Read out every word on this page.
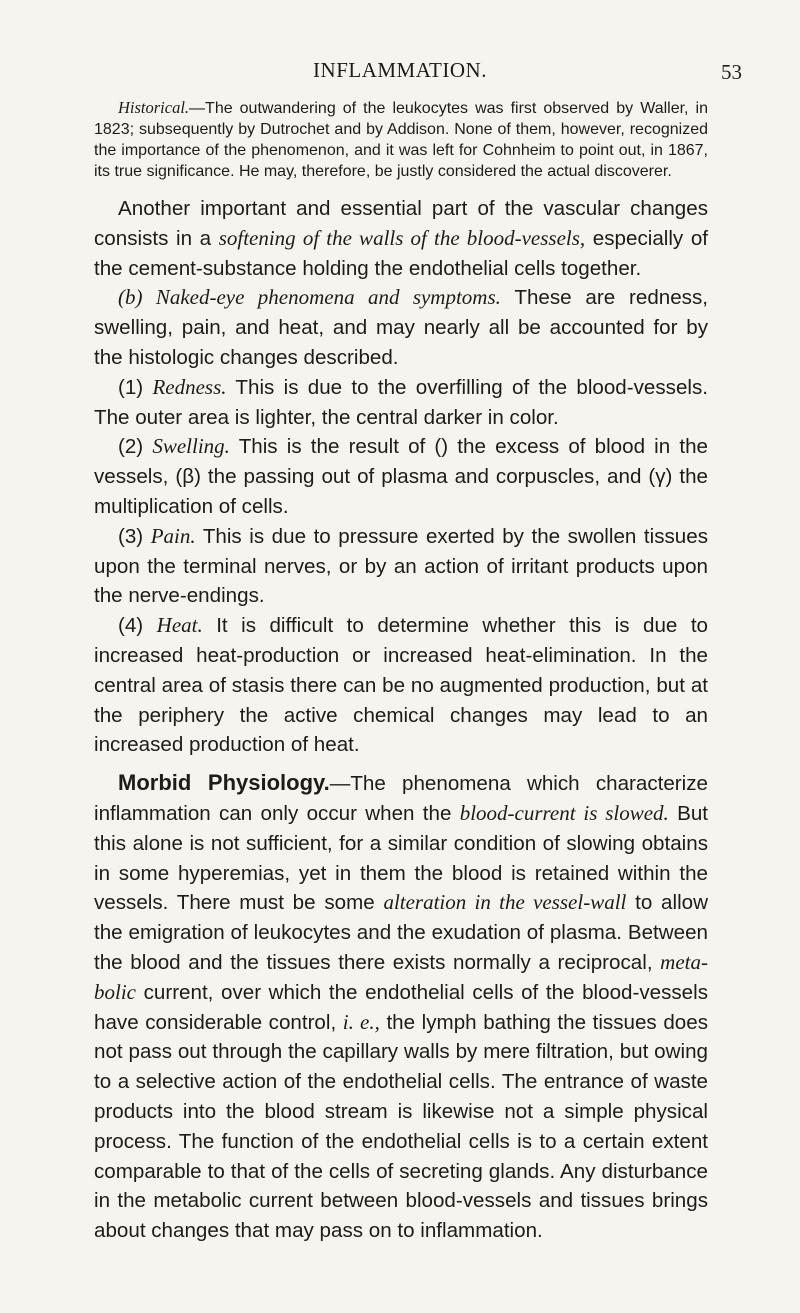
INFLAMMATION.	53

Historical.—The outwandering of the leukocytes was first observed by Waller, in 1823; subsequently by Dutrochet and by Addison. None of them, however, recognized the importance of the phenomenon, and it was left for Cohnheim to point out, in 1867, its true significance. He may, therefore, be justly considered the actual discoverer.

Another important and essential part of the vascular changes consists in a softening of the walls of the blood-vessels, especially of the cement-substance holding the endothelial cells together.

(b) Naked-eye phenomena and symptoms. These are redness, swelling, pain, and heat, and may nearly all be accounted for by the histologic changes described.

(1) Redness. This is due to the overfilling of the blood-vessels. The outer area is lighter, the central darker in color.

(2) Swelling. This is the result of () the excess of blood in the vessels, (β) the passing out of plasma and corpuscles, and (γ) the multiplication of cells.

(3) Pain. This is due to pressure exerted by the swollen tissues upon the terminal nerves, or by an action of irritant products upon the nerve-endings.

(4) Heat. It is difficult to determine whether this is due to increased heat-production or increased heat-elimination. In the central area of stasis there can be no augmented production, but at the periphery the active chemical changes may lead to an increased production of heat.

Morbid Physiology.—The phenomena which characterize inflammation can only occur when the blood-current is slowed. But this alone is not sufficient, for a similar condition of slowing obtains in some hyperemias, yet in them the blood is retained within the vessels. There must be some alteration in the vessel-wall to allow the emigration of leukocytes and the exudation of plasma. Between the blood and the tissues there exists normally a reciprocal, meta-bolic current, over which the endothelial cells of the blood-vessels have considerable control, i. e., the lymph bathing the tissues does not pass out through the capillary walls by mere filtration, but owing to a selective action of the endothelial cells. The entrance of waste products into the blood stream is likewise not a simple physical process. The function of the endothelial cells is to a certain extent comparable to that of the cells of secreting glands. Any disturbance in the metabolic current between blood-vessels and tissues brings about changes that may pass on to inflammation.
